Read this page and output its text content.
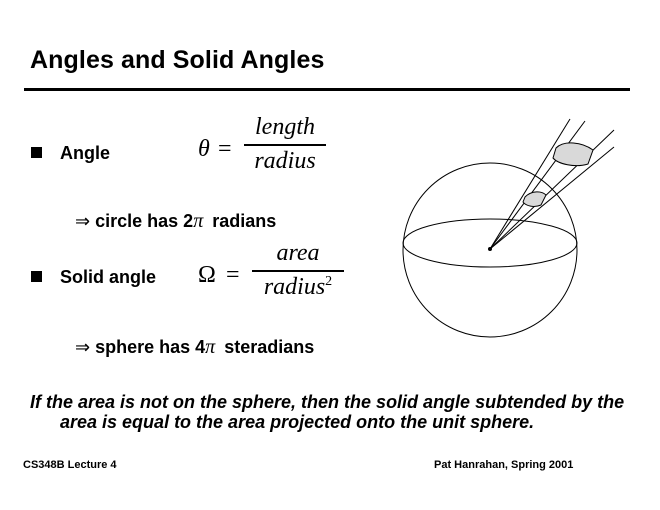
Angles and Solid Angles
Angle	θ =
length
radius
⇒ circle has 2π radians
Solid angle Ω =
area
radius$^2$
⇒ sphere has 4π steradians
If the area is not on the sphere, then the solid angle subtended by the area is equal to the area projected onto the unit sphere.
CS348B Lecture 4	Pat Hanrahan, Spring 2001
